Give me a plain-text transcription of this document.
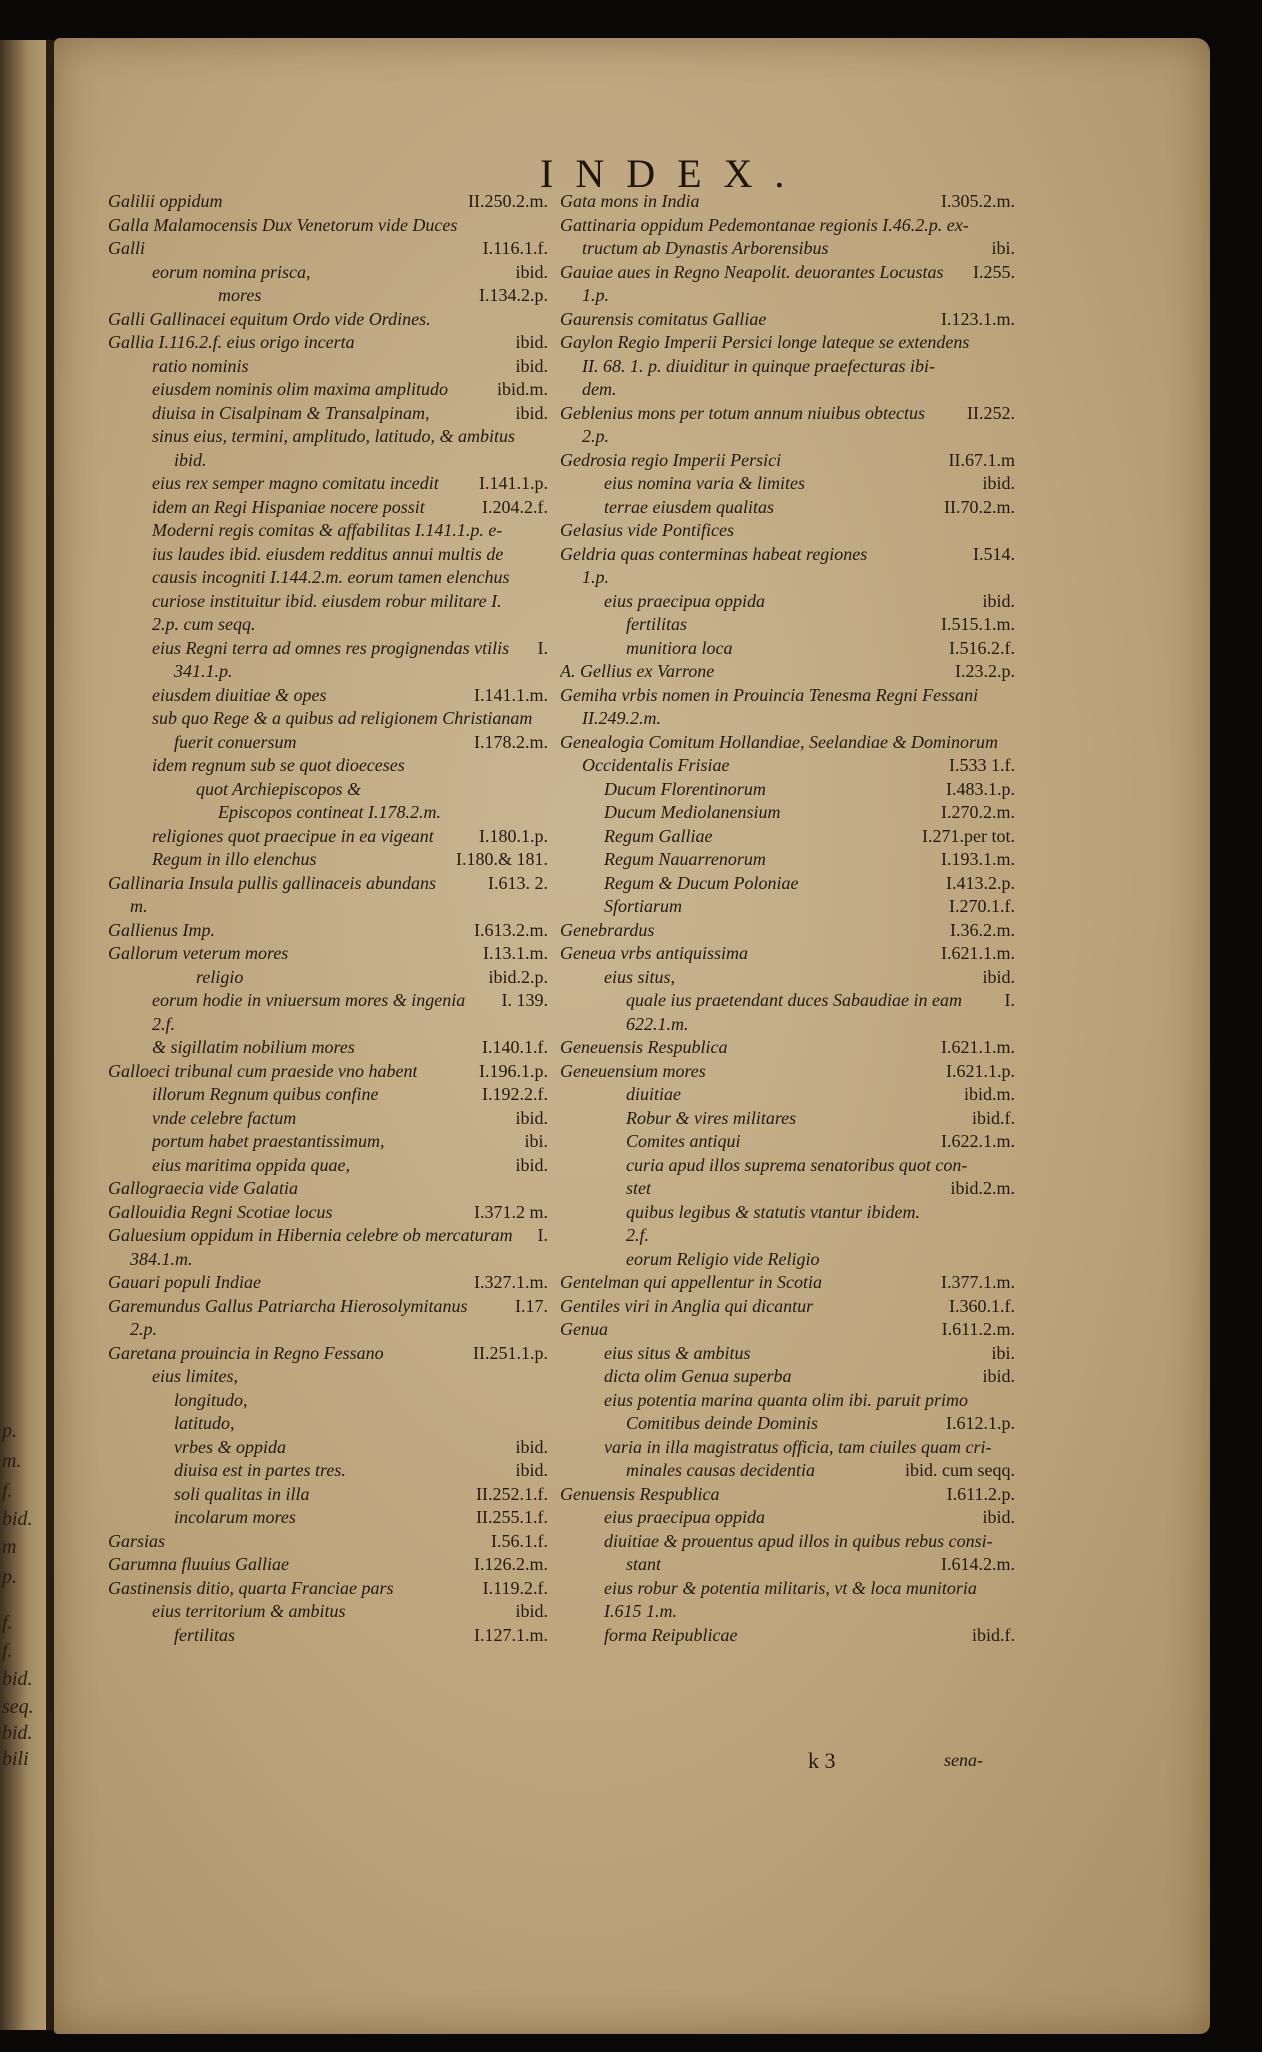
p.
m.
f.
bid.
m
p.
f.
f.
bid.
seq.
bid.
bili
INDEX.
Galilii oppidum	II.250.2.m.
Galla Malamocensis Dux Venetorum vide Duces
Galli	I.116.1.f.
eorum nomina prisca,	ibid.
mores	I.134.2.p.
Galli Gallinacei equitum Ordo vide Ordines.
Gallia I.116.2.f. eius origo incerta	ibid.
ratio nominis	ibid.
eiusdem nominis olim maxima amplitudo	ibid.m.
diuisa in Cisalpinam & Transalpinam,	ibid.
sinus eius, termini, amplitudo, latitudo, & ambitus
ibid.
eius rex semper magno comitatu incedit	I.141.1.p.
idem an Regi Hispaniae nocere possit	I.204.2.f.
Moderni regis comitas & affabilitas I.141.1.p. e-
ius laudes ibid. eiusdem redditus annui multis de
causis incogniti I.144.2.m. eorum tamen elenchus
curiose instituitur ibid. eiusdem robur militare I.
2.p. cum seqq.
eius Regni terra ad omnes res progignendas vtilis	I.
341.1.p.
eiusdem diuitiae & opes	I.141.1.m.
sub quo Rege & a quibus ad religionem Christianam
fuerit conuersum	I.178.2.m.
idem regnum sub se quot dioeceses
quot Archiepiscopos &
Episcopos contineat I.178.2.m.
religiones quot praecipue in ea vigeant	I.180.1.p.
Regum in illo elenchus	I.180.& 181.
Gallinaria Insula pullis gallinaceis abundans	I.613. 2.
m.
Gallienus Imp.	I.613.2.m.
Gallorum veterum mores	I.13.1.m.
religio	ibid.2.p.
eorum hodie in vniuersum mores & ingenia	I. 139.
2.f.
& sigillatim nobilium mores	I.140.1.f.
Galloeci tribunal cum praeside vno habent	I.196.1.p.
illorum Regnum quibus confine	I.192.2.f.
vnde celebre factum	ibid.
portum habet praestantissimum,	ibi.
eius maritima oppida quae,	ibid.
Gallograecia vide Galatia
Gallouidia Regni Scotiae locus	I.371.2 m.
Galuesium oppidum in Hibernia celebre ob mercaturam	I.
384.1.m.
Gauari populi Indiae	I.327.1.m.
Garemundus Gallus Patriarcha Hierosolymitanus	I.17.
2.p.
Garetana prouincia in Regno Fessano	II.251.1.p.
eius limites,
longitudo,
latitudo,
vrbes & oppida	ibid.
diuisa est in partes tres.	ibid.
soli qualitas in illa	II.252.1.f.
incolarum mores	II.255.1.f.
Garsias	I.56.1.f.
Garumna fluuius Galliae	I.126.2.m.
Gastinensis ditio, quarta Franciae pars	I.119.2.f.
eius territorium & ambitus	ibid.
fertilitas	I.127.1.m.
Gata mons in India	I.305.2.m.
Gattinaria oppidum Pedemontanae regionis I.46.2.p. ex-
tructum ab Dynastis Arborensibus	ibi.
Gauiae aues in Regno Neapolit. deuorantes Locustas	I.255.
1.p.
Gaurensis comitatus Galliae	I.123.1.m.
Gaylon Regio Imperii Persici longe lateque se extendens
II. 68. 1. p. diuiditur in quinque praefecturas ibi-
dem.
Geblenius mons per totum annum niuibus obtectus	II.252.
2.p.
Gedrosia regio Imperii Persici	II.67.1.m
eius nomina varia & limites	ibid.
terrae eiusdem qualitas	II.70.2.m.
Gelasius vide Pontifices
Geldria quas conterminas habeat regiones	I.514.
1.p.
eius praecipua oppida	ibid.
fertilitas	I.515.1.m.
munitiora loca	I.516.2.f.
A. Gellius ex Varrone	I.23.2.p.
Gemiha vrbis nomen in Prouincia Tenesma Regni Fessani
II.249.2.m.
Genealogia Comitum Hollandiae, Seelandiae & Dominorum
Occidentalis Frisiae	I.533 1.f.
Ducum Florentinorum	I.483.1.p.
Ducum Mediolanensium	I.270.2.m.
Regum Galliae	I.271.per tot.
Regum Nauarrenorum	I.193.1.m.
Regum & Ducum Poloniae	I.413.2.p.
Sfortiarum	I.270.1.f.
Genebrardus	I.36.2.m.
Geneua vrbs antiquissima	I.621.1.m.
eius situs,	ibid.
quale ius praetendant duces Sabaudiae in eam	I.
622.1.m.
Geneuensis Respublica	I.621.1.m.
Geneuensium mores	I.621.1.p.
diuitiae	ibid.m.
Robur & vires militares	ibid.f.
Comites antiqui	I.622.1.m.
curia apud illos suprema senatoribus quot con-
stet	ibid.2.m.
quibus legibus & statutis vtantur ibidem.
2.f.
eorum Religio vide Religio
Gentelman qui appellentur in Scotia	I.377.1.m.
Gentiles viri in Anglia qui dicantur	I.360.1.f.
Genua	I.611.2.m.
eius situs & ambitus	ibi.
dicta olim Genua superba	ibid.
eius potentia marina quanta olim ibi. paruit primo
Comitibus deinde Dominis	I.612.1.p.
varia in illa magistratus officia, tam ciuiles quam cri-
minales causas decidentia	ibid. cum seqq.
Genuensis Respublica	I.611.2.p.
eius praecipua oppida	ibid.
diuitiae & prouentus apud illos in quibus rebus consi-
stant	I.614.2.m.
eius robur & potentia militaris, vt & loca munitoria
I.615 1.m.
forma Reipublicae	ibid.f.
k 3	sena-
